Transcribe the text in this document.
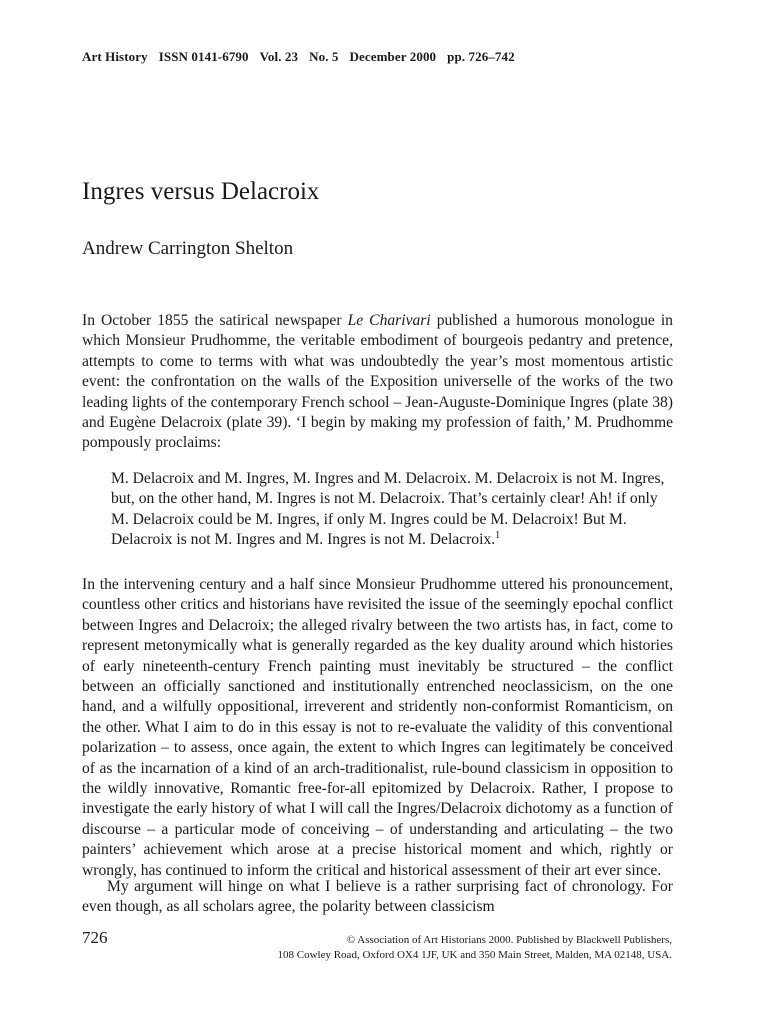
Art History ISSN 0141-6790 Vol. 23 No. 5 December 2000 pp. 726–742
Ingres versus Delacroix
Andrew Carrington Shelton

In October 1855 the satirical newspaper Le Charivari published a humorous monologue in which Monsieur Prudhomme, the veritable embodiment of bourgeois pedantry and pretence, attempts to come to terms with what was undoubtedly the year’s most momentous artistic event: the confrontation on the walls of the Exposition universelle of the works of the two leading lights of the contemporary French school – Jean-Auguste-Dominique Ingres (plate 38) and Eugène Delacroix (plate 39). ‘I begin by making my profession of faith,’ M. Prudhomme pompously proclaims:

M. Delacroix and M. Ingres, M. Ingres and M. Delacroix. M. Delacroix is not M. Ingres, but, on the other hand, M. Ingres is not M. Delacroix. That’s certainly clear! Ah! if only M. Delacroix could be M. Ingres, if only M. Ingres could be M. Delacroix! But M. Delacroix is not M. Ingres and M. Ingres is not M. Delacroix.$^1$

In the intervening century and a half since Monsieur Prudhomme uttered his pronouncement, countless other critics and historians have revisited the issue of the seemingly epochal conflict between Ingres and Delacroix; the alleged rivalry between the two artists has, in fact, come to represent metonymically what is generally regarded as the key duality around which histories of early nineteenth-century French painting must inevitably be structured – the conflict between an officially sanctioned and institutionally entrenched neoclassicism, on the one hand, and a wilfully oppositional, irreverent and stridently non-conformist Romanticism, on the other. What I aim to do in this essay is not to re-evaluate the validity of this conventional polarization – to assess, once again, the extent to which Ingres can legitimately be conceived of as the incarnation of a kind of an arch-traditionalist, rule-bound classicism in opposition to the wildly innovative, Romantic free-for-all epitomized by Delacroix. Rather, I propose to investigate the early history of what I will call the Ingres/Delacroix dichotomy as a function of discourse – a particular mode of conceiving – of understanding and articulating – the two painters’ achievement which arose at a precise historical moment and which, rightly or wrongly, has continued to inform the critical and historical assessment of their art ever since.

My argument will hinge on what I believe is a rather surprising fact of chronology. For even though, as all scholars agree, the polarity between classicism

726	© Association of Art Historians 2000. Published by Blackwell Publishers,
108 Cowley Road, Oxford OX4 1JF, UK and 350 Main Street, Malden, MA 02148, USA.
